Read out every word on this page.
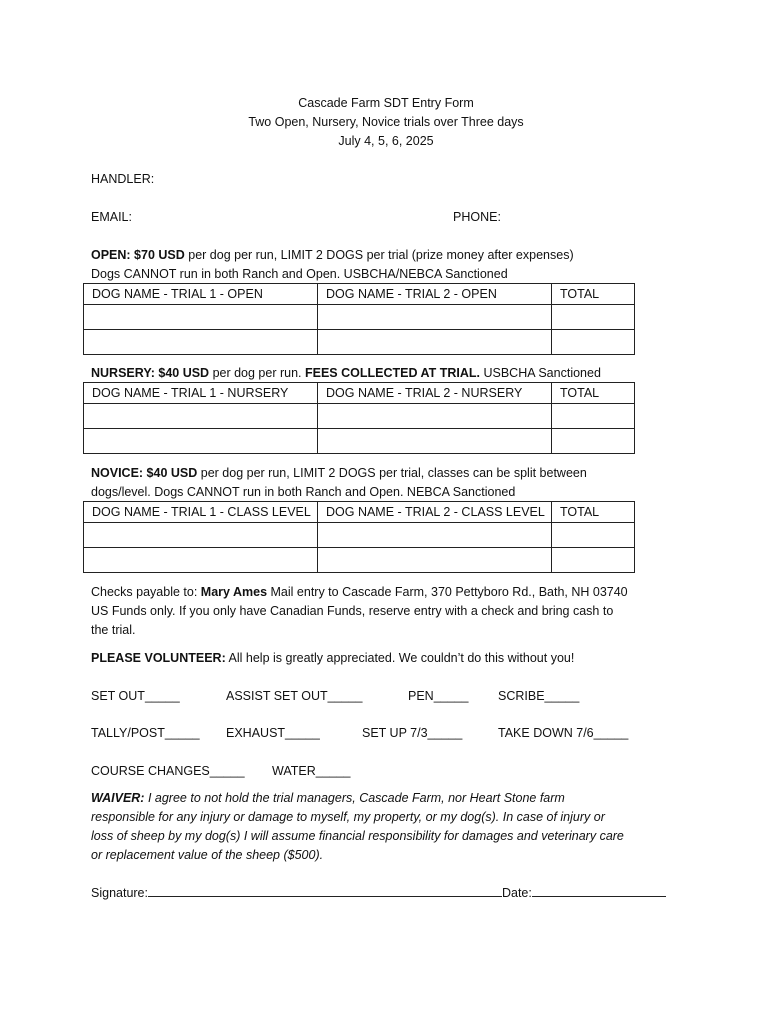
Cascade Farm SDT Entry Form
Two Open, Nursery, Novice trials over Three days
July 4, 5, 6, 2025
HANDLER:
EMAIL:	PHONE:
OPEN: $70 USD per dog per run, LIMIT 2 DOGS per trial (prize money after expenses)
Dogs CANNOT run in both Ranch and Open. USBCHA/NEBCA Sanctioned
DOG NAME - TRIAL 1 - OPEN	DOG NAME - TRIAL 2 - OPEN	TOTAL

NURSERY: $40 USD per dog per run. FEES COLLECTED AT TRIAL. USBCHA Sanctioned
DOG NAME - TRIAL 1 - NURSERY	DOG NAME - TRIAL 2 - NURSERY	TOTAL

NOVICE: $40 USD per dog per run, LIMIT 2 DOGS per trial, classes can be split between
dogs/level. Dogs CANNOT run in both Ranch and Open. NEBCA Sanctioned
DOG NAME - TRIAL 1 - CLASS LEVEL	DOG NAME - TRIAL 2 - CLASS LEVEL	TOTAL

Checks payable to: Mary Ames Mail entry to Cascade Farm, 370 Pettyboro Rd., Bath, NH 03740
US Funds only. If you only have Canadian Funds, reserve entry with a check and bring cash to
the trial.
PLEASE VOLUNTEER: All help is greatly appreciated. We couldn’t do this without you!
SET OUT_____	ASSIST SET OUT_____	PEN_____ SCRIBE_____
TALLY/POST_____ EXHAUST_____	SET UP 7/3_____	TAKE DOWN 7/6_____
COURSE CHANGES_____ WATER_____
WAIVER: I agree to not hold the trial managers, Cascade Farm, nor Heart Stone farm
responsible for any injury or damage to myself, my property, or my dog(s). In case of injury or
loss of sheep by my dog(s) I will assume financial responsibility for damages and veterinary care
or replacement value of the sheep ($500).
Signature:	Date:
